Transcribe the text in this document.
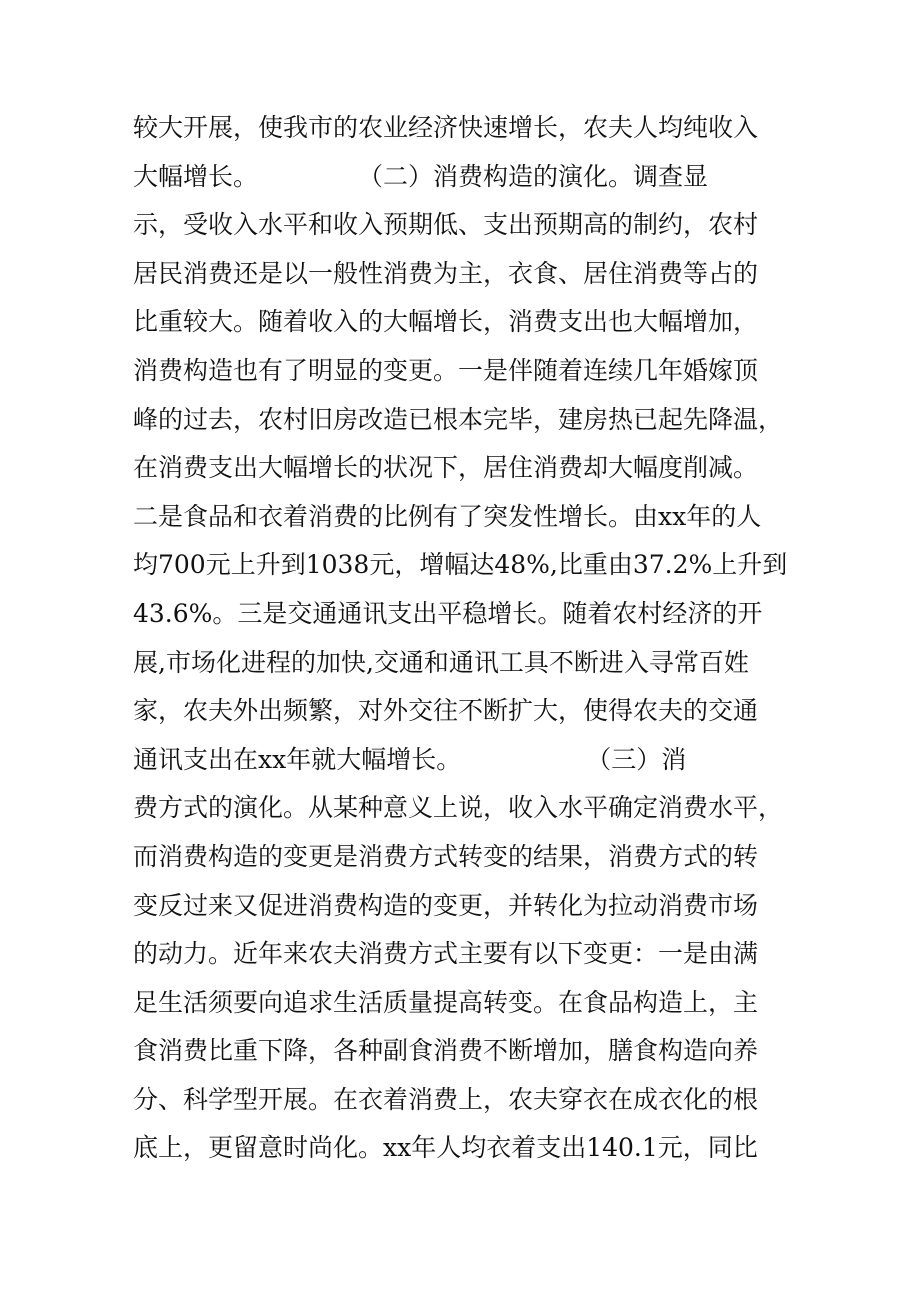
较大开展，使我市的农业经济快速增长，农夫人均纯收入
大幅增长。　　　　　（二）消费构造的演化。调查显
示，受收入水平和收入预期低、支出预期高的制约，农村
居民消费还是以一般性消费为主，衣食、居住消费等占的
比重较大。随着收入的大幅增长，消费支出也大幅增加，
消费构造也有了明显的变更。一是伴随着连续几年婚嫁顶
峰的过去，农村旧房改造已根本完毕，建房热已起先降温，
在消费支出大幅增长的状况下，居住消费却大幅度削减。
二是食品和衣着消费的比例有了突发性增长。由xx年的人
均700元上升到1038元，增幅达48%,比重由37.2%上升到
43.6%。三是交通通讯支出平稳增长。随着农村经济的开
展,市场化进程的加快,交通和通讯工具不断进入寻常百姓
家，农夫外出频繁，对外交往不断扩大，使得农夫的交通
通讯支出在xx年就大幅增长。　　　　　　（三）消
费方式的演化。从某种意义上说，收入水平确定消费水平，
而消费构造的变更是消费方式转变的结果，消费方式的转
变反过来又促进消费构造的变更，并转化为拉动消费市场
的动力。近年来农夫消费方式主要有以下变更：一是由满
足生活须要向追求生活质量提高转变。在食品构造上，主
食消费比重下降，各种副食消费不断增加，膳食构造向养
分、科学型开展。在衣着消费上，农夫穿衣在成衣化的根
底上，更留意时尚化。xx年人均衣着支出140.1元，同比
